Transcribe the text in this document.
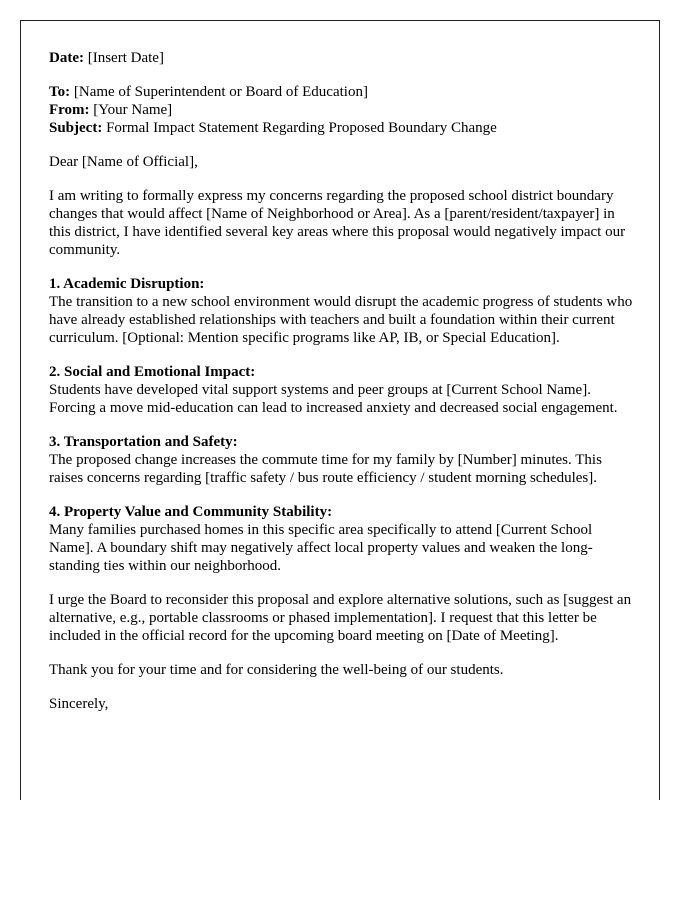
Date: [Insert Date]

To: [Name of Superintendent or Board of Education]

From: [Your Name]

Subject: Formal Impact Statement Regarding Proposed Boundary Change

Dear [Name of Official],

I am writing to formally express my concerns regarding the proposed school district boundary changes that would affect [Name of Neighborhood or Area]. As a [parent/resident/taxpayer] in this district, I have identified several key areas where this proposal would negatively impact our community.

1. Academic Disruption:
The transition to a new school environment would disrupt the academic progress of students who have already established relationships with teachers and built a foundation within their current curriculum. [Optional: Mention specific programs like AP, IB, or Special Education].

2. Social and Emotional Impact:
Students have developed vital support systems and peer groups at [Current School Name]. Forcing a move mid-education can lead to increased anxiety and decreased social engagement.

3. Transportation and Safety:
The proposed change increases the commute time for my family by [Number] minutes. This raises concerns regarding [traffic safety / bus route efficiency / student morning schedules].

4. Property Value and Community Stability:
Many families purchased homes in this specific area specifically to attend [Current School Name]. A boundary shift may negatively affect local property values and weaken the long-standing ties within our neighborhood.

I urge the Board to reconsider this proposal and explore alternative solutions, such as [suggest an alternative, e.g., portable classrooms or phased implementation]. I request that this letter be included in the official record for the upcoming board meeting on [Date of Meeting].

Thank you for your time and for considering the well-being of our students.

Sincerely,
